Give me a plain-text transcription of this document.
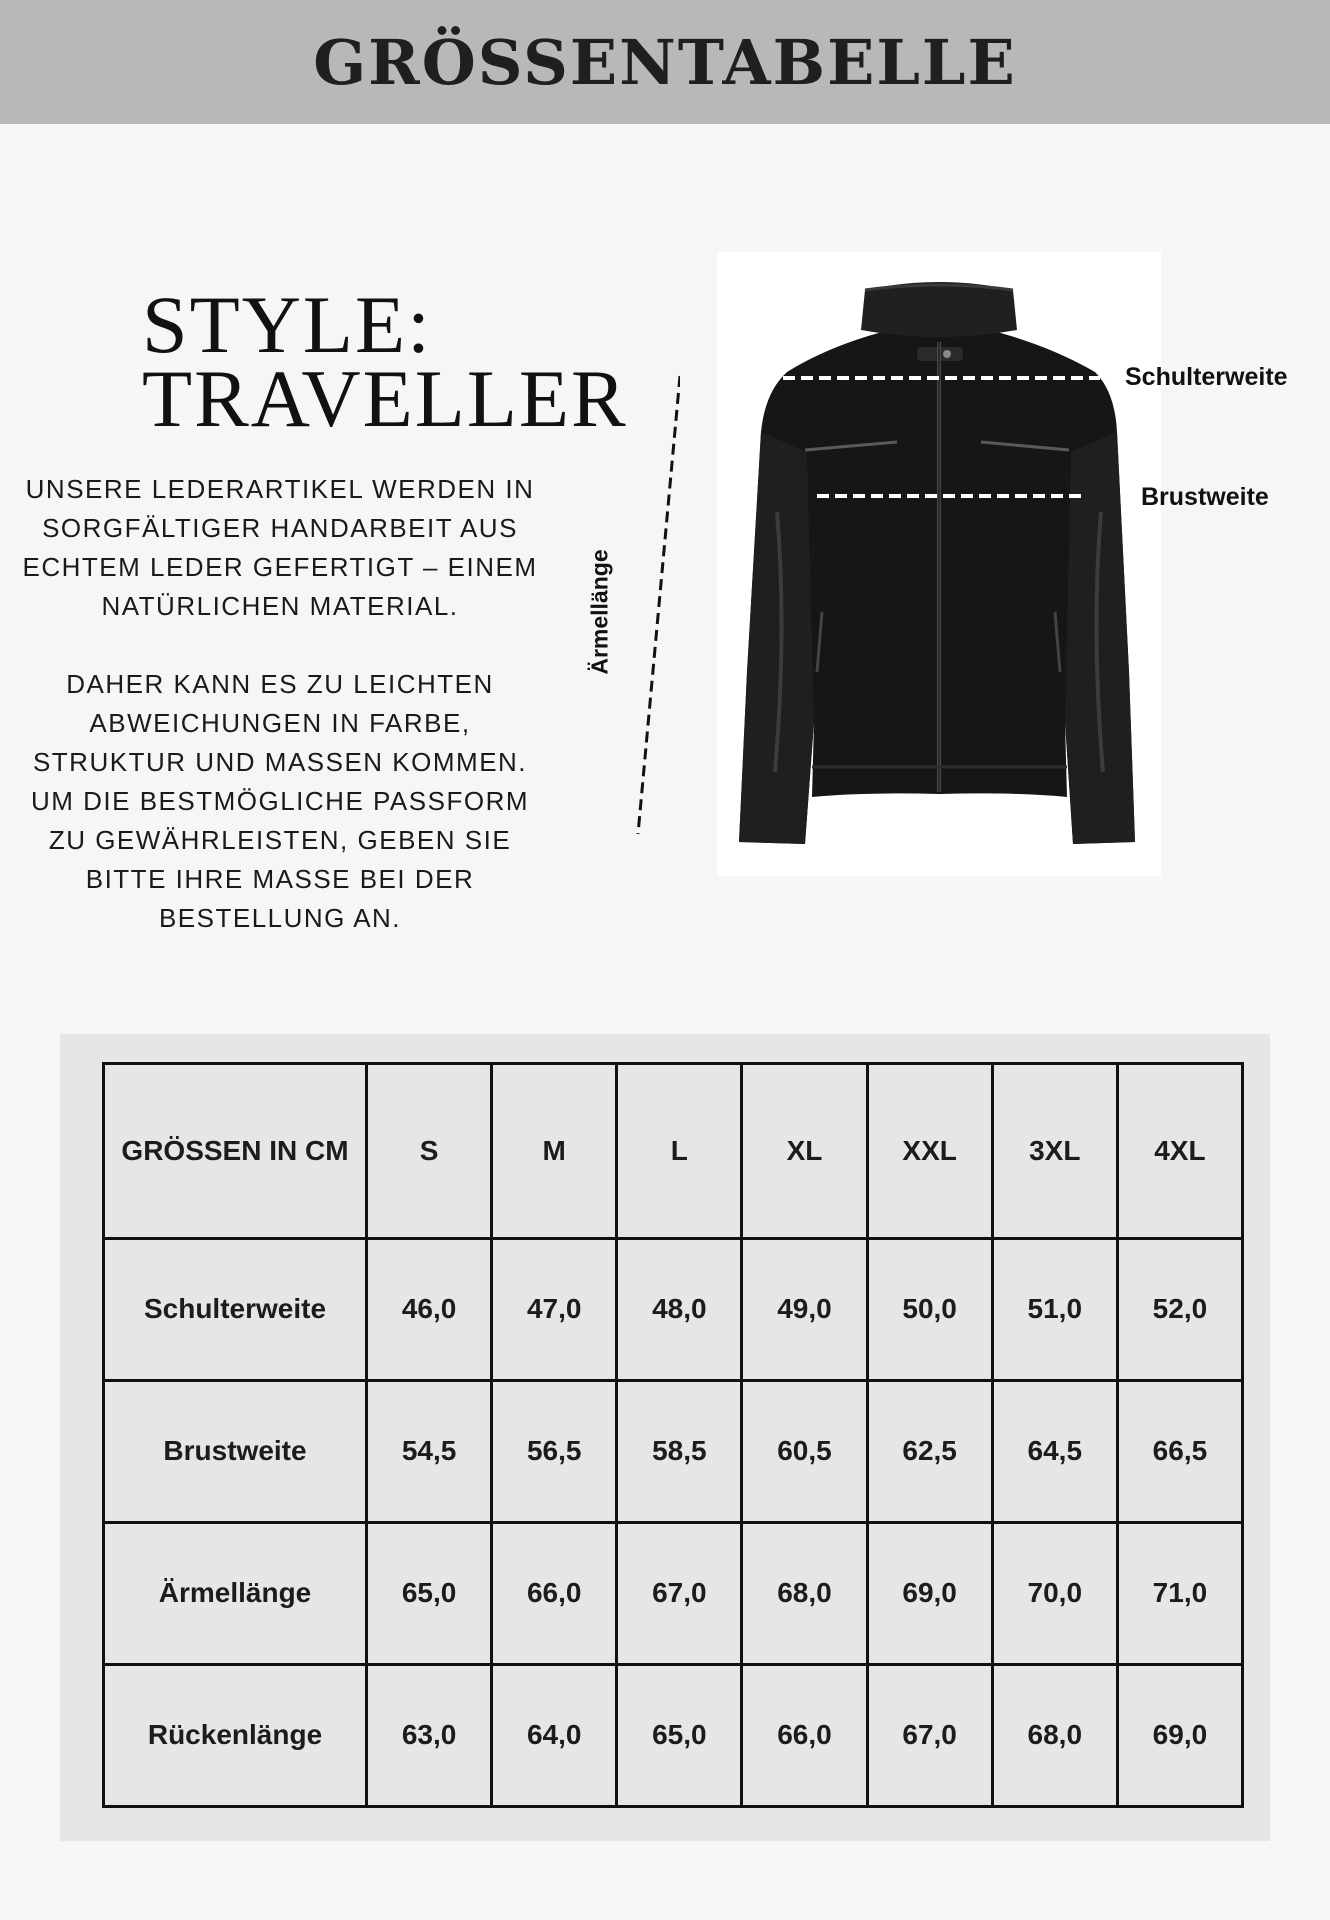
GRÖSSENTABELLE
STYLE:
TRAVELLER

UNSERE LEDERARTIKEL WERDEN IN SORGFÄLTIGER HANDARBEIT AUS ECHTEM LEDER GEFERTIGT – EINEM NATÜRLICHEN MATERIAL.

DAHER KANN ES ZU LEICHTEN ABWEICHUNGEN IN FARBE, STRUKTUR UND MASSEN KOMMEN. UM DIE BESTMÖGLICHE PASSFORM ZU GEWÄHRLEISTEN, GEBEN SIE BITTE IHRE MASSE BEI DER BESTELLUNG AN.

Ärmellänge
Schulterweite
Brustweite
GRÖSSEN IN CM	S	M	L	XL	XXL	3XL	4XL
Schulterweite	46,0	47,0	48,0	49,0	50,0	51,0	52,0
Brustweite	54,5	56,5	58,5	60,5	62,5	64,5	66,5
Ärmellänge	65,0	66,0	67,0	68,0	69,0	70,0	71,0
Rückenlänge	63,0	64,0	65,0	66,0	67,0	68,0	69,0
